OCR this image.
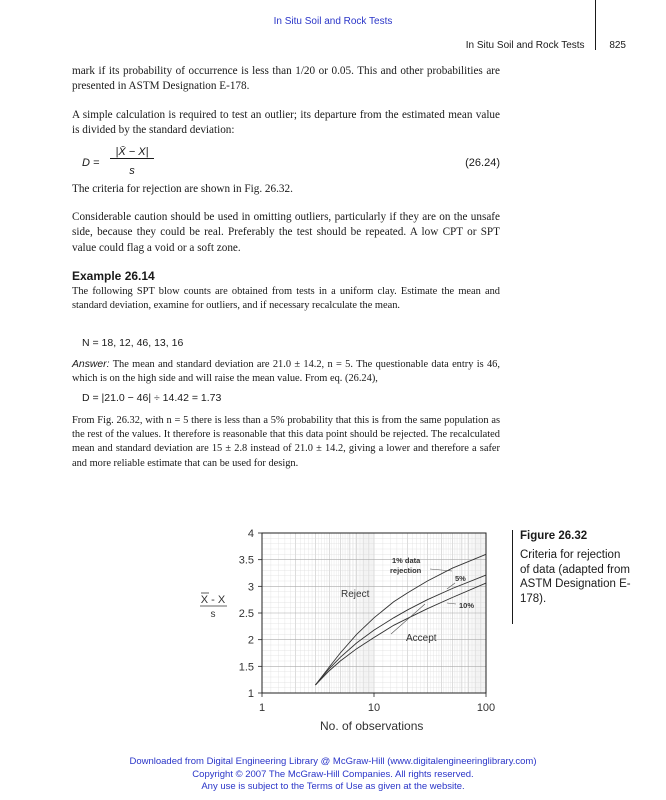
In Situ Soil and Rock Tests
In Situ Soil and Rock Tests 825

mark if its probability of occurrence is less than 1/20 or 0.05. This and other probabilities are presented in ASTM Designation E-178.

A simple calculation is required to test an outlier; its departure from the estimated mean value is divided by the standard deviation:

D =
|X̄ − X|
s
(26.24)

The criteria for rejection are shown in Fig. 26.32.

Considerable caution should be used in omitting outliers, particularly if they are on the unsafe side, because they could be real. Preferably the test should be repeated. A low CPT or SPT value could flag a void or a soft zone.

Example 26.14

The following SPT blow counts are obtained from tests in a uniform clay. Estimate the mean and standard deviation, examine for outliers, and if necessary recalculate the mean.

N = 18, 12, 46, 13, 16

Answer: The mean and standard deviation are 21.0 ± 14.2, n = 5. The questionable data entry is 46, which is on the high side and will raise the mean value. From eq. (26.24),

D = |21.0 − 46| ÷ 14.42 = 1.73

From Fig. 26.32, with n = 5 there is less than a 5% probability that this is from the same population as the rest of the values. It therefore is reasonable that this data point should be rejected. The recalculated mean and standard deviation are 15 ± 2.8 instead of 21.0 ± 14.2, giving a lower and therefore a safer and more reliable estimate that can be used for design.

1
1.5
2
2.5
3
3.5
4
1	10	100
No. of observations
X - X
s
Reject
Accept
1% data
rejection
5%
10%
Figure 26.32
Criteria for rejection of data (adapted from ASTM Designation E-178).
Downloaded from Digital Engineering Library @ McGraw-Hill (www.digitalengineeringlibrary.com)
Copyright © 2007 The McGraw-Hill Companies. All rights reserved.
Any use is subject to the Terms of Use as given at the website.
